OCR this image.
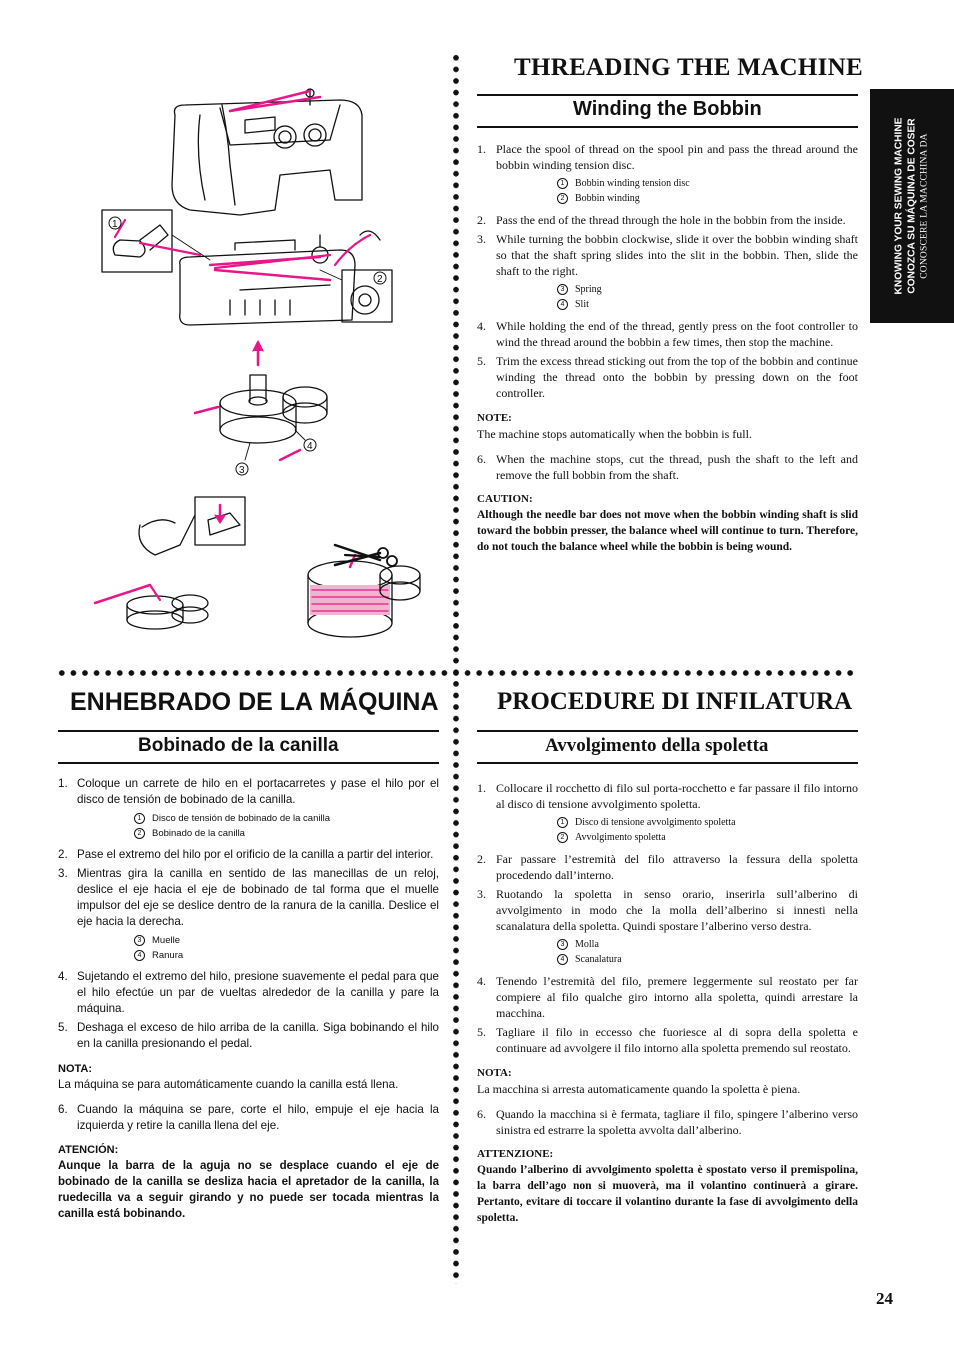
KNOWING YOUR SEWING MACHINE CONOZCA SU MÁQUINA DE COSER CONOSCERE LA MACCHINA DA
THREADING THE MACHINE
Winding the Bobbin
ENHEBRADO DE LA MÁQUINA
Bobinado de la canilla
PROCEDURE DI INFILATURA
Avvolgimento della spoletta
1. Place the spool of thread on the spool pin and pass the thread around the bobbin winding tension disc.
1	Bobbin winding tension disc
2	Bobbin winding
2. Pass the end of the thread through the hole in the bobbin from the inside.
3. While turning the bobbin clockwise, slide it over the bobbin winding shaft so that the shaft spring slides into the slit in the bobbin. Then, slide the shaft to the right.
3	Spring
4	Slit
4. While holding the end of the thread, gently press on the foot controller to wind the thread around the bobbin a few times, then stop the machine.
5. Trim the excess thread sticking out from the top of the bobbin and continue winding the thread onto the bobbin by pressing down on the foot controller.
NOTE:
The machine stops automatically when the bobbin is full.
6. When the machine stops, cut the thread, push the shaft to the left and remove the full bobbin from the shaft.
CAUTION:
Although the needle bar does not move when the bobbin winding shaft is slid toward the bobbin presser, the balance wheel will continue to turn. Therefore, do not touch the balance wheel while the bobbin is being wound.
1. Coloque un carrete de hilo en el portacarretes y pase el hilo por el disco de tensión de bobinado de la canilla.
1	Disco de tensión de bobinado de la canilla
2	Bobinado de la canilla
2. Pase el extremo del hilo por el orificio de la canilla a partir del interior.
3. Mientras gira la canilla en sentido de las manecillas de un reloj, deslice el eje hacia el eje de bobinado de tal forma que el muelle impulsor del eje se deslice dentro de la ranura de la canilla. Deslice el eje hacia la derecha.
3	Muelle
4	Ranura
4. Sujetando el extremo del hilo, presione suavemente el pedal para que el hilo efectúe un par de vueltas alrededor de la canilla y pare la máquina.
5. Deshaga el exceso de hilo arriba de la canilla. Siga bobinando el hilo en la canilla presionando el pedal.
NOTA:
La máquina se para automáticamente cuando la canilla está llena.
6. Cuando la máquina se pare, corte el hilo, empuje el eje hacia la izquierda y retire la canilla llena del eje.
ATENCIÓN:
Aunque la barra de la aguja no se desplace cuando el eje de bobinado de la canilla se desliza hacia el apretador de la canilla, la ruedecilla va a seguir girando y no puede ser tocada mientras la canilla está bobinando.
1. Collocare il rocchetto di filo sul porta-rocchetto e far passare il filo intorno al disco di tensione avvolgimento spoletta.
1	Disco di tensione avvolgimento spoletta
2	Avvolgimento spoletta
2. Far passare l’estremità del filo attraverso la fessura della spoletta procedendo dall’interno.
3. Ruotando la spoletta in senso orario, inserirla sull’alberino di avvolgimento in modo che la molla dell’alberino si innesti nella scanalatura della spoletta. Quindi spostare l’alberino verso destra.
3	Molla
4	Scanalatura
4. Tenendo l’estremità del filo, premere leggermente sul reostato per far compiere al filo qualche giro intorno alla spoletta, quindi arrestare la macchina.
5. Tagliare il filo in eccesso che fuoriesce al di sopra della spoletta e continuare ad avvolgere il filo intorno alla spoletta premendo sul reostato.
NOTA:
La macchina si arresta automaticamente quando la spoletta è piena.
6. Quando la macchina si è fermata, tagliare il filo, spingere l’alberino verso sinistra ed estrarre la spoletta avvolta dall’alberino.
ATTENZIONE:
Quando l’alberino di avvolgimento spoletta è spostato verso il premispolina, la barra dell’ago non si muoverà, ma il volantino continuerà a girare. Pertanto, evitare di toccare il volantino durante la fase di avvolgimento della spoletta.
1
2
4
3
24
